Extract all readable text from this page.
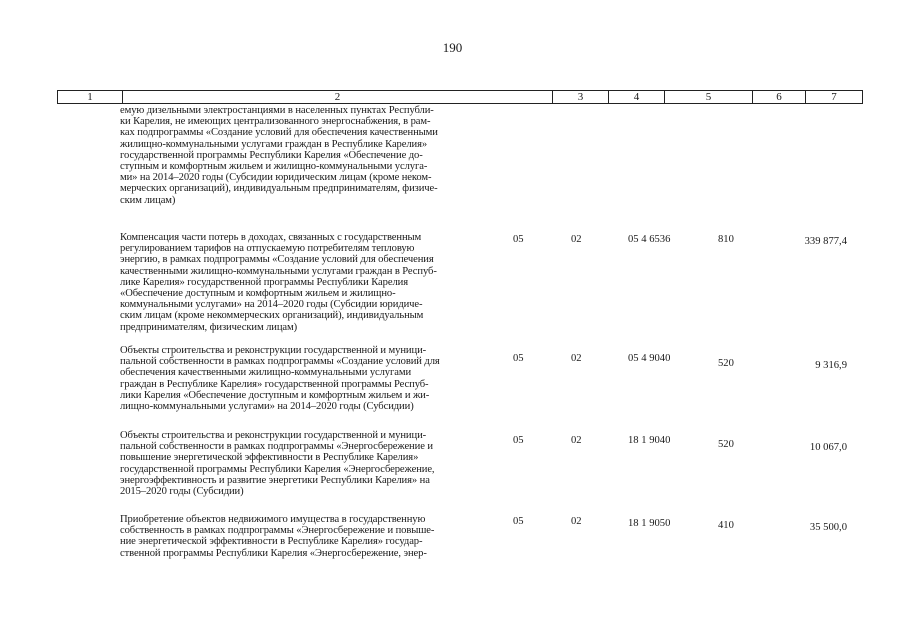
190
1	2	3	4	5	6	7
емую дизельными электростанциями в населенных пунктах Республи-
ки Карелия, не имеющих централизованного энергоснабжения, в рам-
ках подпрограммы «Создание условий для обеспечения качественными
жилищно-коммунальными услугами граждан в Республике Карелия»
государственной программы Республики Карелия «Обеспечение до-
ступным и комфортным жильем и жилищно-коммунальными услуга-
ми» на 2014–2020 годы (Субсидии юридическим лицам (кроме неком-
мерческих организаций), индивидуальным предпринимателям, физиче-
ским лицам)
Компенсация части потерь в доходах, связанных с государственным
регулированием тарифов на отпускаемую потребителям тепловую
энергию, в рамках подпрограммы «Создание условий для обеспечения
качественными жилищно-коммунальными услугами граждан в Респуб-
лике Карелия» государственной программы Республики Карелия
«Обеспечение доступным и комфортным жильем и жилищно-
коммунальными услугами» на 2014–2020 годы (Субсидии юридиче-
ским лицам (кроме некоммерческих организаций), индивидуальным
предпринимателям, физическим лицам)
05	02	05 4 6536	810	339 877,4
Объекты строительства и реконструкции государственной и муници-
пальной собственности в рамках подпрограммы «Создание условий для
обеспечения качественными жилищно-коммунальными услугами
граждан в Республике Карелия» государственной программы Респуб-
лики Карелия «Обеспечение доступным и комфортным жильем и жи-
лищно-коммунальными услугами» на 2014–2020 годы (Субсидии)
05	02	05 4 9040	520	9 316,9
Объекты строительства и реконструкции государственной и муници-
пальной собственности в рамках подпрограммы «Энергосбережение и
повышение энергетической эффективности в Республике Карелия»
государственной программы Республики Карелия «Энергосбережение,
энергоэффективность и развитие энергетики Республики Карелия» на
2015–2020 годы (Субсидии)
05	02	18 1 9040	520	10 067,0
Приобретение объектов недвижимого имущества в государственную
собственность в рамках подпрограммы «Энергосбережение и повыше-
ние энергетической эффективности в Республике Карелия» государ-
ственной программы Республики Карелия «Энергосбережение, энер-
05	02	18 1 9050	410	35 500,0
